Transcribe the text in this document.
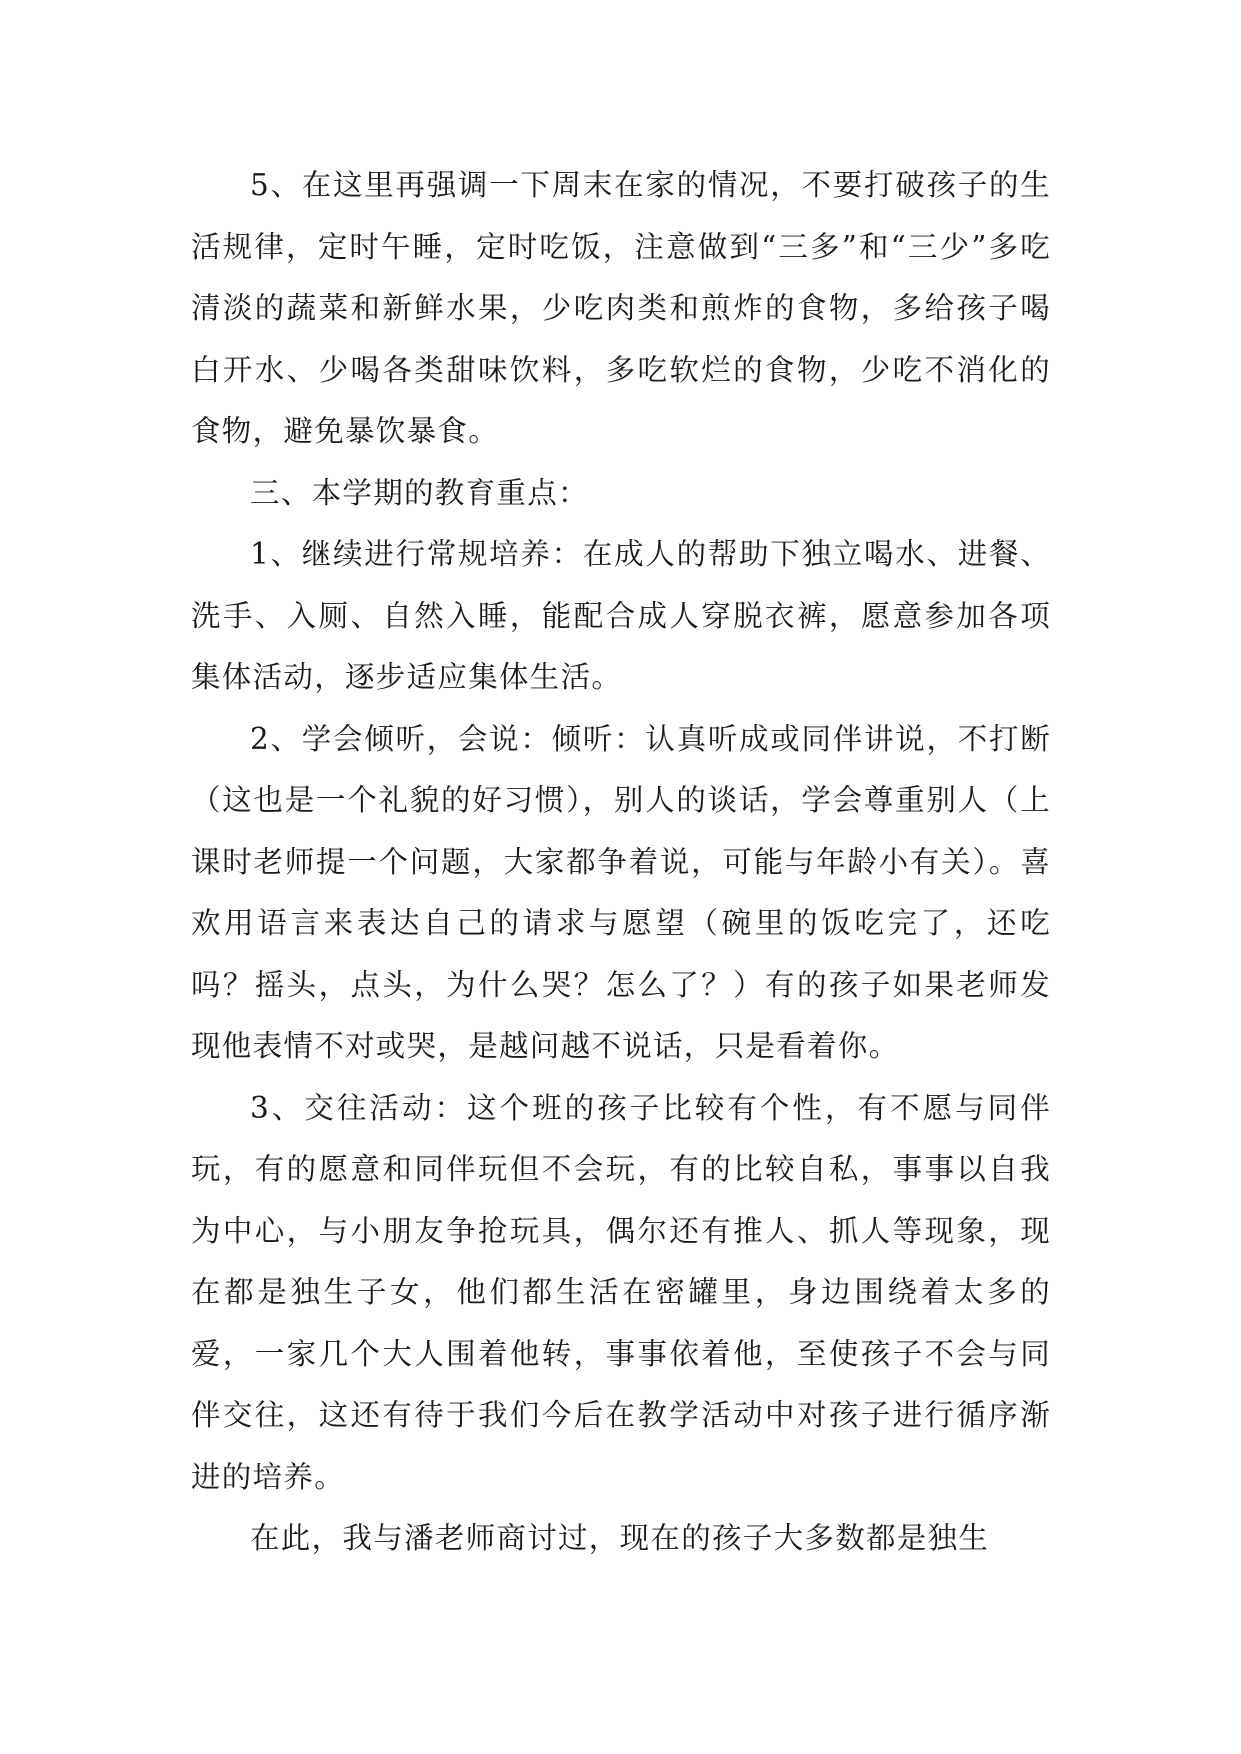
5、在这里再强调一下周末在家的情况，不要打破孩子的生活规律，定时午睡，定时吃饭，注意做到“三多”和“三少”多吃清淡的蔬菜和新鲜水果，少吃肉类和煎炸的食物，多给孩子喝白开水、少喝各类甜味饮料，多吃软烂的食物，少吃不消化的食物，避免暴饮暴食。

三、本学期的教育重点：

1、继续进行常规培养：在成人的帮助下独立喝水、进餐、洗手、入厕、自然入睡，能配合成人穿脱衣裤，愿意参加各项集体活动，逐步适应集体生活。

2、学会倾听，会说：倾听：认真听成或同伴讲说，不打断（这也是一个礼貌的好习惯），别人的谈话，学会尊重别人（上课时老师提一个问题，大家都争着说，可能与年龄小有关）。喜欢用语言来表达自己的请求与愿望（碗里的饭吃完了，还吃吗？摇头，点头，为什么哭？怎么了？）有的孩子如果老师发现他表情不对或哭，是越问越不说话，只是看着你。

3、交往活动：这个班的孩子比较有个性，有不愿与同伴玩，有的愿意和同伴玩但不会玩，有的比较自私，事事以自我为中心，与小朋友争抢玩具，偶尔还有推人、抓人等现象，现在都是独生子女，他们都生活在密罐里，身边围绕着太多的爱，一家几个大人围着他转，事事依着他，至使孩子不会与同伴交往，这还有待于我们今后在教学活动中对孩子进行循序渐进的培养。

在此，我与潘老师商讨过，现在的孩子大多数都是独生
